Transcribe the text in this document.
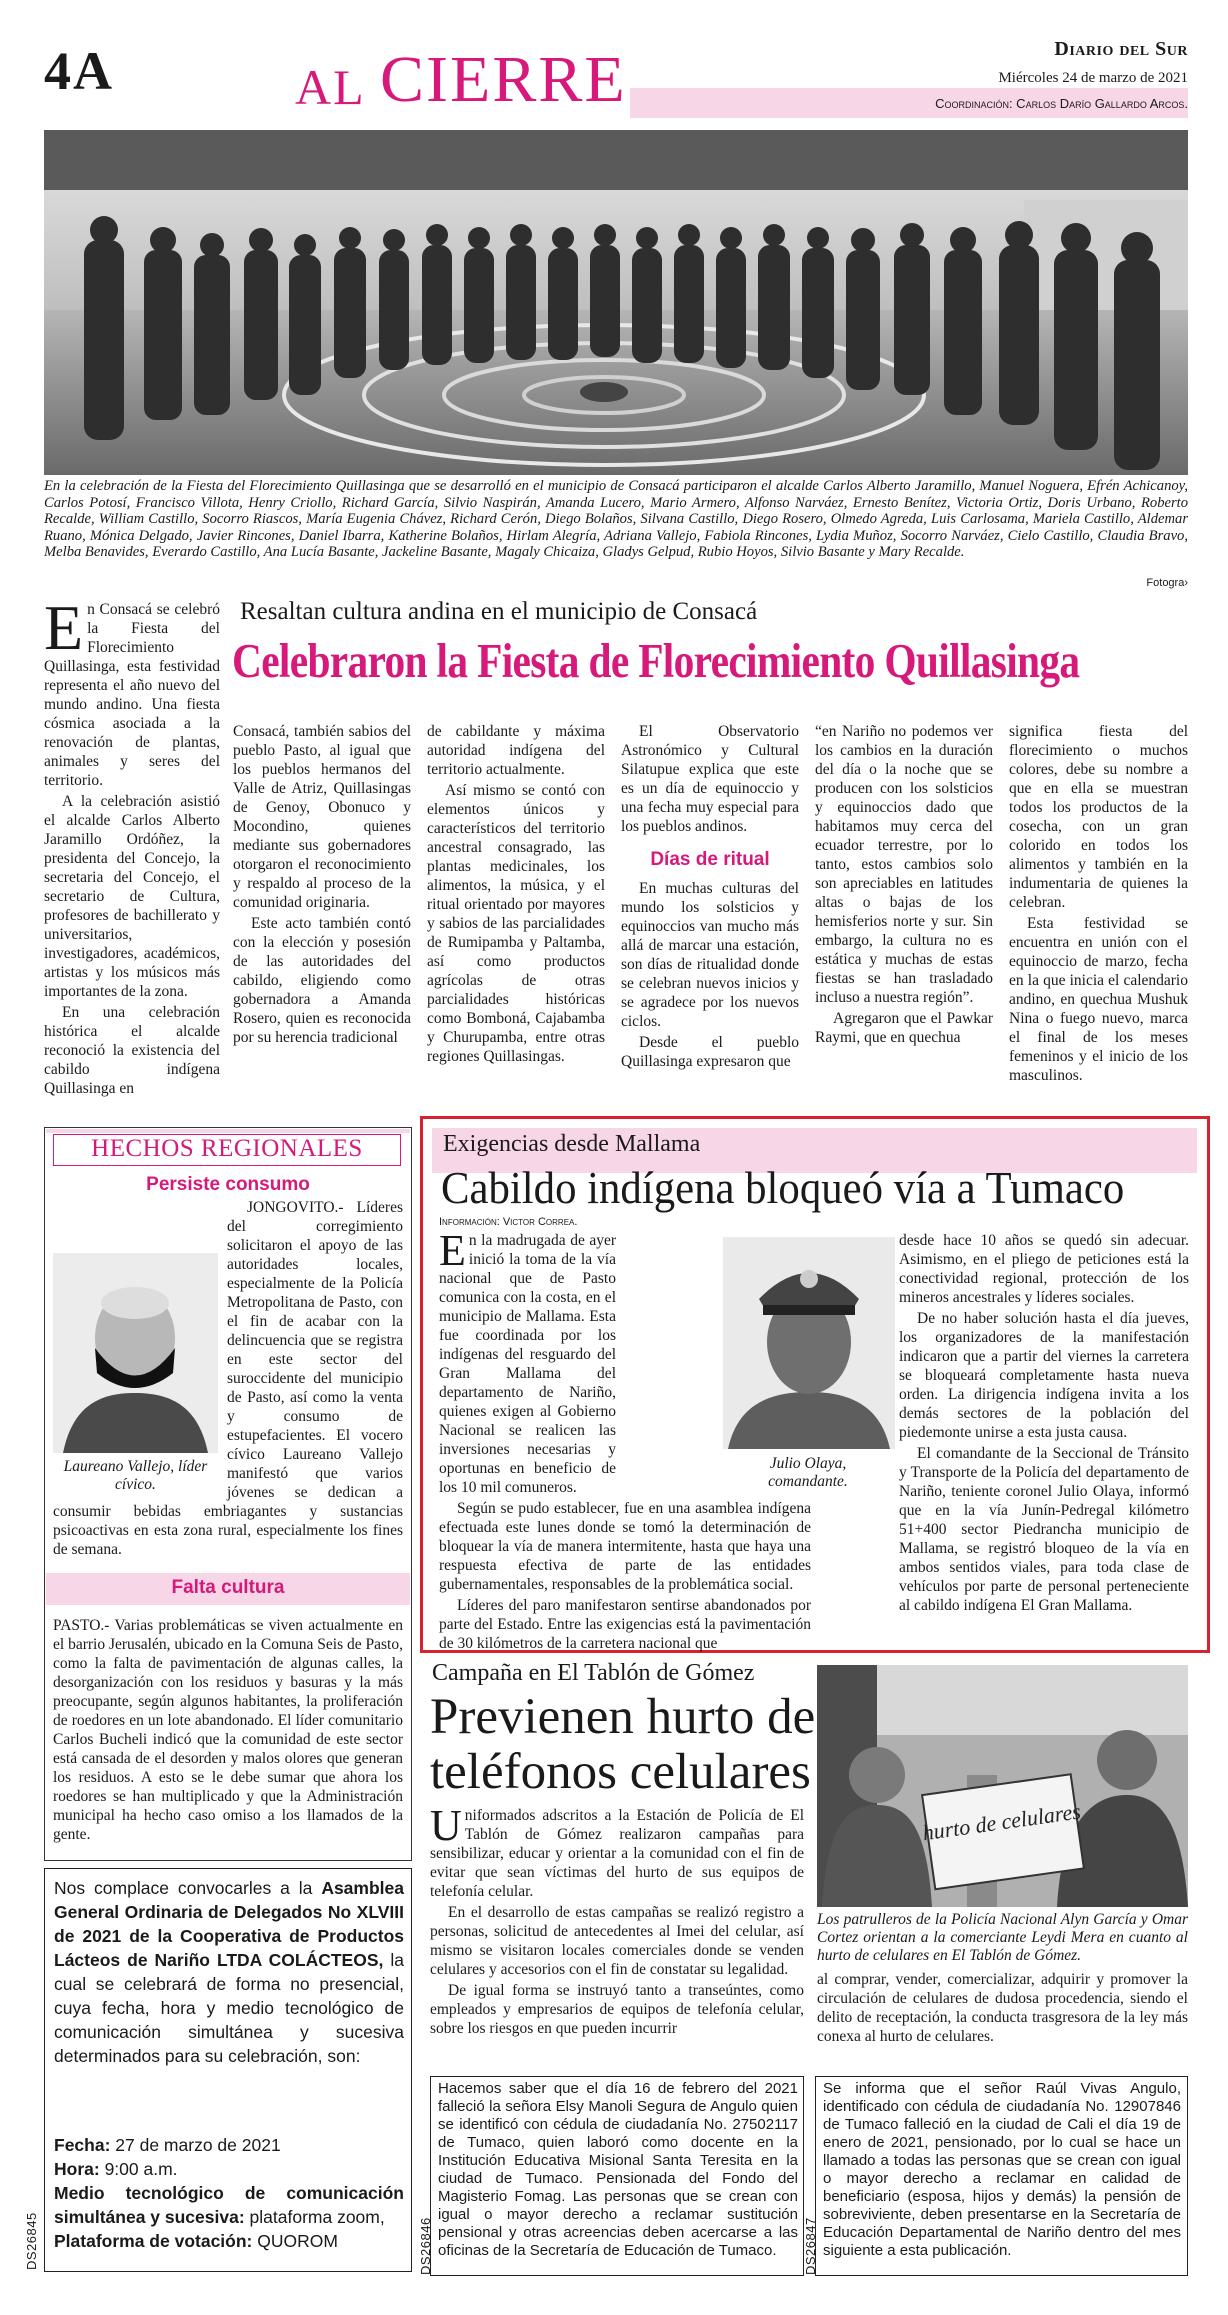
4A	AL CIERRE	Diario del Sur
Miércoles 24 de marzo de 2021
Coordinación: Carlos Darío Gallardo Arcos.
En la celebración de la Fiesta del Florecimiento Quillasinga que se desarrolló en el municipio de Consacá participaron el alcalde Carlos Alberto Jaramillo, Manuel Noguera, Efrén Achicanoy, Carlos Potosí, Francisco Villota, Henry Criollo, Richard García, Silvio Naspirán, Amanda Lucero, Mario Armero, Alfonso Narváez, Ernesto Benítez, Victoria Ortiz, Doris Urbano, Roberto Recalde, William Castillo, Socorro Riascos, María Eugenia Chávez, Richard Cerón, Diego Bolaños, Silvana Castillo, Diego Rosero, Olmedo Agreda, Luis Carlosama, Mariela Castillo, Aldemar Ruano, Mónica Delgado, Javier Rincones, Daniel Ibarra, Katherine Bolaños, Hirlam Alegría, Adriana Vallejo, Fabiola Rincones, Lydia Muñoz, Socorro Narváez, Cielo Castillo, Claudia Bravo, Melba Benavides, Everardo Castillo, Ana Lucía Basante, Jackeline Basante, Magaly Chicaiza, Gladys Gelpud, Rubio Hoyos, Silvio Basante y Mary Recalde.
Fotogra›
Resaltan cultura andina en el municipio de Consacá
Celebraron la Fiesta de Florecimiento Quillasinga

En Consacá se celebró la Fiesta del Florecimiento Quillasinga, esta festividad representa el año nuevo del mundo andino. Una fiesta cósmica asociada a la renovación de plantas, animales y seres del territorio.

A la celebración asistió el alcalde Carlos Alberto Jaramillo Ordóñez, la presidenta del Concejo, la secretaria del Concejo, el secretario de Cultura, profesores de bachillerato y universitarios, investigadores, académicos, artistas y los músicos más importantes de la zona.

En una celebración histórica el alcalde reconoció la existencia del cabildo indígena Quillasinga en

Consacá, también sabios del pueblo Pasto, al igual que los pueblos hermanos del Valle de Atriz, Quillasingas de Genoy, Obonuco y Mocondino, quienes mediante sus gobernadores otorgaron el reconocimiento y respaldo al proceso de la comunidad originaria.

Este acto también contó con la elección y posesión de las autoridades del cabildo, eligiendo como gobernadora a Amanda Rosero, quien es reconocida por su herencia tradicional

de cabildante y máxima autoridad indígena del territorio actualmente.

Así mismo se contó con elementos únicos y característicos del territorio ancestral consagrado, las plantas medicinales, los alimentos, la música, y el ritual orientado por mayores y sabios de las parcialidades de Rumipamba y Paltamba, así como productos agrícolas de otras parcialidades históricas como Bomboná, Cajabamba y Churupamba, entre otras regiones Quillasingas.

El Observatorio Astronómico y Cultural Silatupue explica que este es un día de equinoccio y una fecha muy especial para los pueblos andinos.

Días de ritual

En muchas culturas del mundo los solsticios y equinoccios van mucho más allá de marcar una estación, son días de ritualidad donde se celebran nuevos inicios y se agradece por los nuevos ciclos.

Desde el pueblo Quillasinga expresaron que

“en Nariño no podemos ver los cambios en la duración del día o la noche que se producen con los solsticios y equinoccios dado que habitamos muy cerca del ecuador terrestre, por lo tanto, estos cambios solo son apreciables en latitudes altas o bajas de los hemisferios norte y sur. Sin embargo, la cultura no es estática y muchas de estas fiestas se han trasladado incluso a nuestra región”.

Agregaron que el Pawkar Raymi, que en quechua

significa fiesta del florecimiento o muchos colores, debe su nombre a que en ella se muestran todos los productos de la cosecha, con un gran colorido en todos los alimentos y también en la indumentaria de quienes la celebran.

Esta festividad se encuentra en unión con el equinoccio de marzo, fecha en la que inicia el calendario andino, en quechua Mushuk Nina o fuego nuevo, marca el final de los meses femeninos y el inicio de los masculinos.

HECHOS REGIONALES
Persiste consumo
Laureano Vallejo, líder cívico.

JONGOVITO.- Líderes del corregimiento solicitaron el apoyo de las autoridades locales, especialmente de la Policía Metropolitana de Pasto, con el fin de acabar con la delincuencia que se registra en este sector del suroccidente del municipio de Pasto, así como la venta y consumo de estupefacientes. El vocero cívico Laureano Vallejo manifestó que varios jóvenes se dedican a consumir bebidas embriagantes y sustancias psicoactivas en esta zona rural, especialmente los fines de semana.

Falta cultura

PASTO.- Varias problemáticas se viven actualmente en el barrio Jerusalén, ubicado en la Comuna Seis de Pasto, como la falta de pavimentación de algunas calles, la desorganización con los residuos y basuras y la más preocupante, según algunos habitantes, la proliferación de roedores en un lote abandonado. El líder comunitario Carlos Bucheli indicó que la comunidad de este sector está cansada de el desorden y malos olores que generan los residuos. A esto se le debe sumar que ahora los roedores se han multiplicado y que la Administración municipal ha hecho caso omiso a los llamados de la gente.

Exigencias desde Mallama
Cabildo indígena bloqueó vía a Tumaco
Información: Victor Correa.

En la madrugada de ayer inició la toma de la vía nacional que de Pasto comunica con la costa, en el municipio de Mallama. Esta fue coordinada por los indígenas del resguardo del Gran Mallama del departamento de Nariño, quienes exigen al Gobierno Nacional se realicen las inversiones necesarias y oportunas en beneficio de los 10 mil comuneros.

Según se pudo establecer, fue en una asamblea indígena efectuada este lunes donde se tomó la determinación de bloquear la vía de manera intermitente, hasta que haya una respuesta efectiva de parte de las entidades gubernamentales, responsables de la problemática social.

Líderes del paro manifestaron sentirse abandonados por parte del Estado. Entre las exigencias está la pavimentación de 30 kilómetros de la carretera nacional que

Julio Olaya, comandante.

desde hace 10 años se quedó sin adecuar. Asimismo, en el pliego de peticiones está la conectividad regional, protección de los mineros ancestrales y líderes sociales.

De no haber solución hasta el día jueves, los organizadores de la manifestación indicaron que a partir del viernes la carretera se bloqueará completamente hasta nueva orden. La dirigencia indígena invita a los demás sectores de la población del piedemonte unirse a esta justa causa.

El comandante de la Seccional de Tránsito y Transporte de la Policía del departamento de Nariño, teniente coronel Julio Olaya, informó que en la vía Junín-Pedregal kilómetro 51+400 sector Piedrancha municipio de Mallama, se registró bloqueo de la vía en ambos sentidos viales, para toda clase de vehículos por parte de personal perteneciente al cabildo indígena El Gran Mallama.

Campaña en El Tablón de Gómez
Previenen hurto de teléfonos celulares

Uniformados adscritos a la Estación de Policía de El Tablón de Gómez realizaron campañas para sensibilizar, educar y orientar a la comunidad con el fin de evitar que sean víctimas del hurto de sus equipos de telefonía celular.

En el desarrollo de estas campañas se realizó registro a personas, solicitud de antecedentes al Imei del celular, así mismo se visitaron locales comerciales donde se venden celulares y accesorios con el fin de constatar su legalidad.

De igual forma se instruyó tanto a transeúntes, como empleados y empresarios de equipos de telefonía celular, sobre los riesgos en que pueden incurrir

hurto de celulares
Los patrulleros de la Policía Nacional Alyn García y Omar Cortez orientan a la comerciante Leydi Mera en cuanto al hurto de celulares en El Tablón de Gómez.

al comprar, vender, comercializar, adquirir y promover la circulación de celulares de dudosa procedencia, siendo el delito de receptación, la conducta trasgresora de la ley más conexa al hurto de celulares.

DS26845
Nos complace convocarles a la Asamblea General Ordinaria de Delegados No XLVIII de 2021 de la Cooperativa de Productos Lácteos de Nariño LTDA COLÁCTEOS, la cual se celebrará de forma no presencial, cuya fecha, hora y medio tecnológico de comunicación simultánea y sucesiva determinados para su celebración, son:
Fecha: 27 de marzo de 2021
Hora: 9:00 a.m.
Medio tecnológico de comunicación simultánea y sucesiva: plataforma zoom,
Plataforma de votación: QUOROM	DS26846
Hacemos saber que el día 16 de febrero del 2021 falleció la señora Elsy Manoli Segura de Angulo quien se identificó con cédula de ciudadanía No. 27502117 de Tumaco, quien laboró como docente en la Institución Educativa Misional Santa Teresita en la ciudad de Tumaco. Pensionada del Fondo del Magisterio Fomag. Las personas que se crean con igual o mayor derecho a reclamar sustitución pensional y otras acreencias deben acercarse a las oficinas de la Secretaría de Educación de Tumaco.	DS26847
Se informa que el señor Raúl Vivas Angulo, identificado con cédula de ciudadanía No. 12907846 de Tumaco falleció en la ciudad de Cali el día 19 de enero de 2021, pensionado, por lo cual se hace un llamado a todas las personas que se crean con igual o mayor derecho a reclamar en calidad de beneficiario (esposa, hijos y demás) la pensión de sobreviviente, deben presentarse en la Secretaría de Educación Departamental de Nariño dentro del mes siguiente a esta publicación.
